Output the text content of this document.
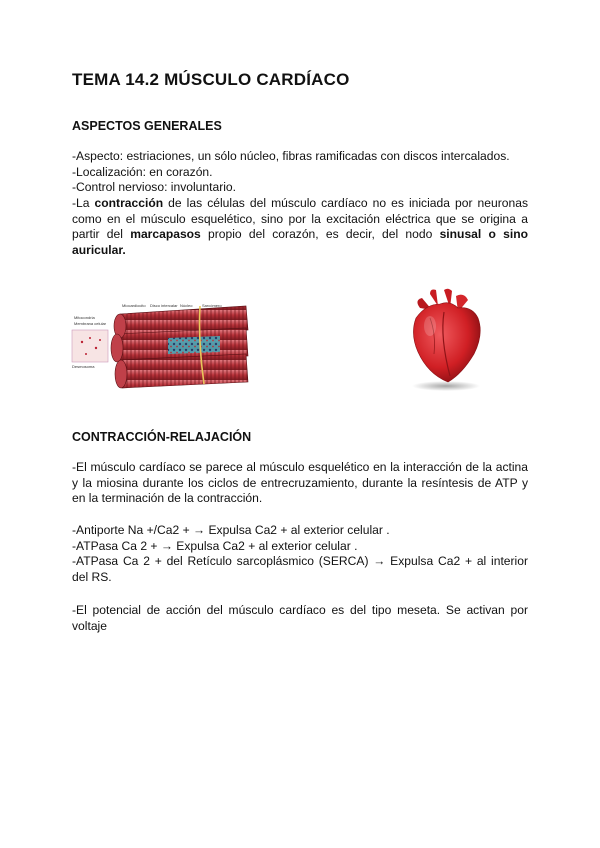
TEMA 14.2 MÚSCULO CARDÍACO
ASPECTOS GENERALES
-Aspecto: estriaciones, un sólo núcleo, fibras ramificadas con discos intercalados.
-Localización: en corazón.
-Control nervioso: involuntario.

-La contracción de las células del músculo cardíaco no es iniciada por neuronas como en el músculo esquelético, sino por la excitación eléctrica que se origina a partir del marcapasos propio del corazón, es decir, del nodo sinusal o sino auricular.

Miocardiocito Disco intercalar Núcleo Sarcómero
Mitocondria
Membrana celular
Desmosoma
CONTRACCIÓN-RELAJACIÓN

-El músculo cardíaco se parece al músculo esquelético en la interacción de la actina y la miosina durante los ciclos de entrecruzamiento, durante la resíntesis de ATP y en la terminación de la contracción.

-Antiporte Na +/Ca2 + → Expulsa Ca2 + al exterior celular .
-ATPasa Ca 2 + → Expulsa Ca2 + al exterior celular .
-ATPasa Ca 2 + del Retículo sarcoplásmico (SERCA) → Expulsa Ca2 + al interior del RS.

-El potencial de acción del músculo cardíaco es del tipo meseta. Se activan por voltaje
